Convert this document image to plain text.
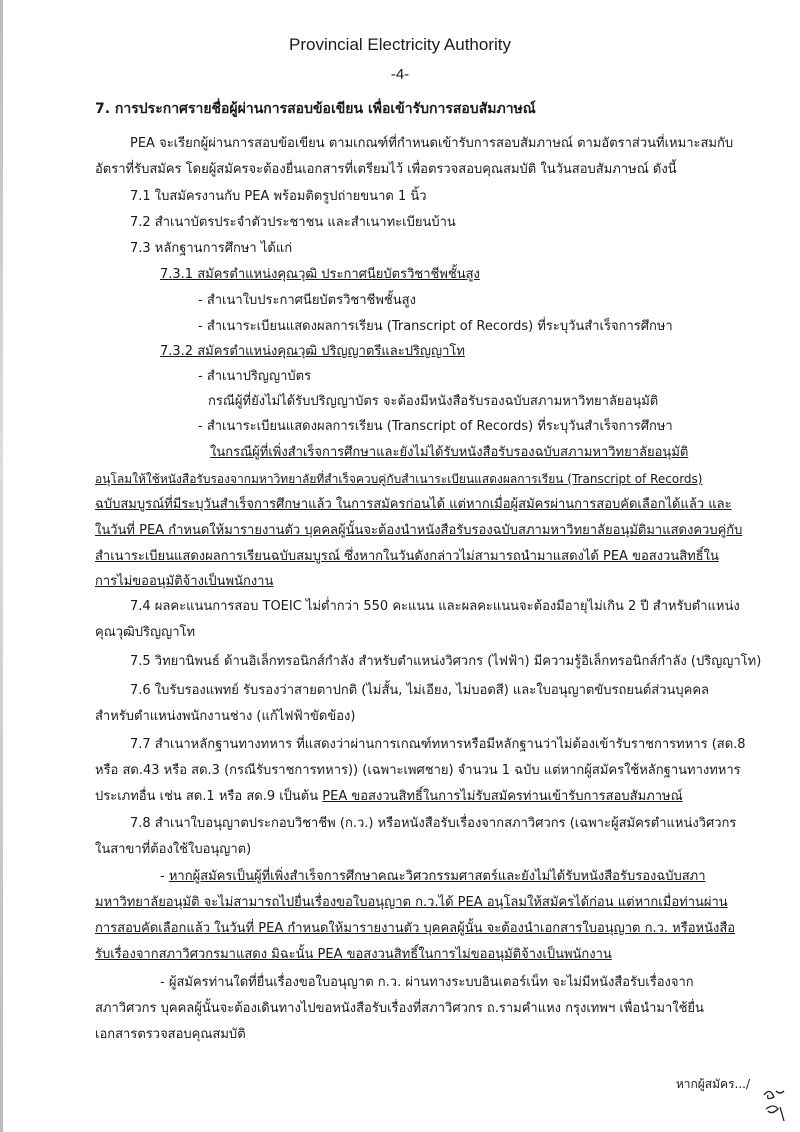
Provincial Electricity Authority
-4-
7. การประกาศรายชื่อผู้ผ่านการสอบข้อเขียน เพื่อเข้ารับการสอบสัมภาษณ์
PEA จะเรียกผู้ผ่านการสอบข้อเขียน ตามเกณฑ์ที่กำหนดเข้ารับการสอบสัมภาษณ์ ตามอัตราส่วนที่เหมาะสมกับ
อัตราที่รับสมัคร โดยผู้สมัครจะต้องยื่นเอกสารที่เตรียมไว้ เพื่อตรวจสอบคุณสมบัติ ในวันสอบสัมภาษณ์ ดังนี้
7.1 ใบสมัครงานกับ PEA พร้อมติดรูปถ่ายขนาด 1 นิ้ว
7.2 สำเนาบัตรประจำตัวประชาชน และสำเนาทะเบียนบ้าน
7.3 หลักฐานการศึกษา ได้แก่
7.3.1 สมัครตำแหน่งคุณวุฒิ ประกาศนียบัตรวิชาชีพชั้นสูง
- สำเนาใบประกาศนียบัตรวิชาชีพชั้นสูง
- สำเนาระเบียนแสดงผลการเรียน (Transcript of Records) ที่ระบุวันสำเร็จการศึกษา
7.3.2 สมัครตำแหน่งคุณวุฒิ ปริญญาตรีและปริญญาโท
- สำเนาปริญญาบัตร
กรณีผู้ที่ยังไม่ได้รับปริญญาบัตร จะต้องมีหนังสือรับรองฉบับสภามหาวิทยาลัยอนุมัติ
- สำเนาระเบียนแสดงผลการเรียน (Transcript of Records) ที่ระบุวันสำเร็จการศึกษา
ในกรณีผู้ที่เพิ่งสำเร็จการศึกษาและยังไม่ได้รับหนังสือรับรองฉบับสภามหาวิทยาลัยอนุมัติ
อนุโลมให้ใช้หนังสือรับรองจากมหาวิทยาลัยที่สำเร็จควบคู่กับสำเนาระเบียนแสดงผลการเรียน (Transcript of Records)
ฉบับสมบูรณ์ที่มีระบุวันสำเร็จการศึกษาแล้ว ในการสมัครก่อนได้ แต่หากเมื่อผู้สมัครผ่านการสอบคัดเลือกได้แล้ว และ
ในวันที่ PEA กำหนดให้มารายงานตัว บุคคลผู้นั้นจะต้องนำหนังสือรับรองฉบับสภามหาวิทยาลัยอนุมัติมาแสดงควบคู่กับ
สำเนาระเบียนแสดงผลการเรียนฉบับสมบูรณ์ ซึ่งหากในวันดังกล่าวไม่สามารถนำมาแสดงได้ PEA ขอสงวนสิทธิ์ใน
การไม่ขออนุมัติจ้างเป็นพนักงาน
7.4 ผลคะแนนการสอบ TOEIC ไม่ต่ำกว่า 550 คะแนน และผลคะแนนจะต้องมีอายุไม่เกิน 2 ปี สำหรับตำแหน่ง
คุณวุฒิปริญญาโท
7.5 วิทยานิพนธ์ ด้านอิเล็กทรอนิกส์กำลัง สำหรับตำแหน่งวิศวกร (ไฟฟ้า) มีความรู้อิเล็กทรอนิกส์กำลัง (ปริญญาโท)
7.6 ใบรับรองแพทย์ รับรองว่าสายตาปกติ (ไม่สั้น, ไม่เอียง, ไม่บอดสี) และใบอนุญาตขับรถยนต์ส่วนบุคคล
สำหรับตำแหน่งพนักงานช่าง (แก้ไฟฟ้าขัดข้อง)
7.7 สำเนาหลักฐานทางทหาร ที่แสดงว่าผ่านการเกณฑ์ทหารหรือมีหลักฐานว่าไม่ต้องเข้ารับราชการทหาร (สด.8
หรือ สด.43 หรือ สด.3 (กรณีรับราชการทหาร)) (เฉพาะเพศชาย) จำนวน 1 ฉบับ แต่หากผู้สมัครใช้หลักฐานทางทหาร
ประเภทอื่น เช่น สด.1 หรือ สด.9 เป็นต้น PEA ขอสงวนสิทธิ์ในการไม่รับสมัครท่านเข้ารับการสอบสัมภาษณ์
7.8 สำเนาใบอนุญาตประกอบวิชาชีพ (ก.ว.) หรือหนังสือรับเรื่องจากสภาวิศวกร (เฉพาะผู้สมัครตำแหน่งวิศวกร
ในสาขาที่ต้องใช้ใบอนุญาต)
- หากผู้สมัครเป็นผู้ที่เพิ่งสำเร็จการศึกษาคณะวิศวกรรมศาสตร์และยังไม่ได้รับหนังสือรับรองฉบับสภา
มหาวิทยาลัยอนุมัติ จะไม่สามารถไปยื่นเรื่องขอใบอนุญาต ก.ว.ได้ PEA อนุโลมให้สมัครได้ก่อน แต่หากเมื่อท่านผ่าน
การสอบคัดเลือกแล้ว ในวันที่ PEA กำหนดให้มารายงานตัว บุคคลผู้นั้น จะต้องนำเอกสารใบอนุญาต ก.ว. หรือหนังสือ
รับเรื่องจากสภาวิศวกรมาแสดง มิฉะนั้น PEA ขอสงวนสิทธิ์ในการไม่ขออนุมัติจ้างเป็นพนักงาน
- ผู้สมัครท่านใดที่ยื่นเรื่องขอใบอนุญาต ก.ว. ผ่านทางระบบอินเตอร์เน็ท จะไม่มีหนังสือรับเรื่องจาก
สภาวิศวกร บุคคลผู้นั้นจะต้องเดินทางไปขอหนังสือรับเรื่องที่สภาวิศวกร ถ.รามคำแหง กรุงเทพฯ เพื่อนำมาใช้ยื่น
เอกสารตรวจสอบคุณสมบัติ
หากผู้สมัคร.../
